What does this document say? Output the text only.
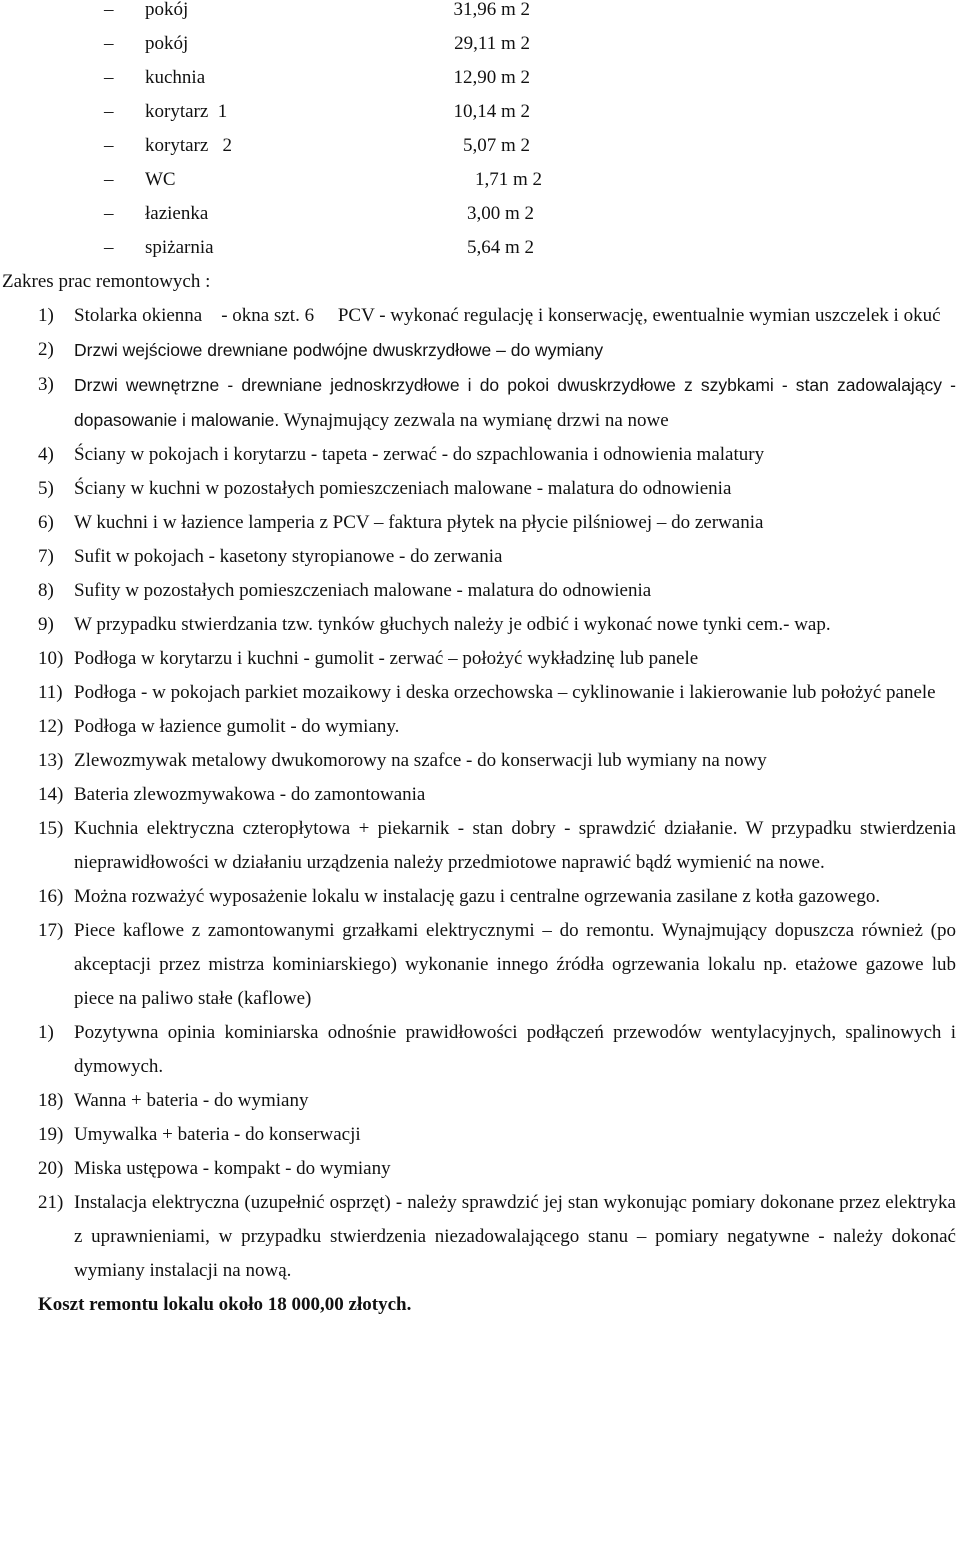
– pokój	31,96 m 2
– pokój	29,11 m 2
– kuchnia	12,90 m 2
– korytarz  1	10,14 m 2
– korytarz   2	5,07 m 2
– WC	1,71 m 2
– łazienka	3,00 m 2
– spiżarnia	5,64 m 2
Zakres prac remontowych :
1) Stolarka okienna    - okna szt. 6     PCV - wykonać regulację i konserwację, ewentualnie wymian uszczelek i okuć
2) Drzwi wejściowe drewniane podwójne dwuskrzydłowe – do wymiany
3) Drzwi wewnętrzne - drewniane jednoskrzydłowe i do pokoi dwuskrzydłowe z szybkami - stan zadowalający - dopasowanie i malowanie. Wynajmujący zezwala na wymianę drzwi na nowe
4) Ściany w pokojach i korytarzu - tapeta - zerwać - do szpachlowania i odnowienia malatury
5) Ściany w kuchni w pozostałych pomieszczeniach malowane - malatura do odnowienia
6) W kuchni i w łazience lamperia z PCV – faktura płytek na płycie pilśniowej – do zerwania
7) Sufit w pokojach - kasetony styropianowe - do zerwania
8) Sufity w pozostałych pomieszczeniach malowane - malatura do odnowienia
9) W przypadku stwierdzania tzw. tynków głuchych należy je odbić i wykonać nowe tynki cem.- wap.
10) Podłoga w korytarzu i kuchni - gumolit - zerwać – położyć wykładzinę lub panele
11) Podłoga - w pokojach parkiet mozaikowy i deska orzechowska – cyklinowanie i lakierowanie lub położyć panele
12) Podłoga w łazience gumolit - do wymiany.
13) Zlewozmywak metalowy dwukomorowy na szafce - do konserwacji lub wymiany na nowy
14) Bateria zlewozmywakowa - do zamontowania
15) Kuchnia elektryczna czteropłytowa + piekarnik - stan dobry - sprawdzić działanie. W przypadku stwierdzenia nieprawidłowości w działaniu urządzenia należy przedmiotowe naprawić bądź wymienić na nowe.
16) Można rozważyć wyposażenie lokalu w instalację gazu i centralne ogrzewania zasilane z kotła gazowego.
17) Piece kaflowe z zamontowanymi grzałkami elektrycznymi – do remontu. Wynajmujący dopuszcza również (po akceptacji przez mistrza kominiarskiego) wykonanie innego źródła ogrzewania lokalu np. etażowe gazowe lub piece na paliwo stałe (kaflowe)
1) Pozytywna opinia kominiarska odnośnie prawidłowości podłączeń przewodów wentylacyjnych, spalinowych i dymowych.
18) Wanna + bateria - do wymiany
19) Umywalka + bateria - do konserwacji
20) Miska ustępowa - kompakt - do wymiany
21) Instalacja elektryczna (uzupełnić osprzęt) - należy sprawdzić jej stan wykonując pomiary dokonane przez elektryka z uprawnieniami, w przypadku stwierdzenia niezadowalającego stanu – pomiary negatywne - należy dokonać wymiany instalacji na nową.
Koszt remontu lokalu około 18 000,00 złotych.
